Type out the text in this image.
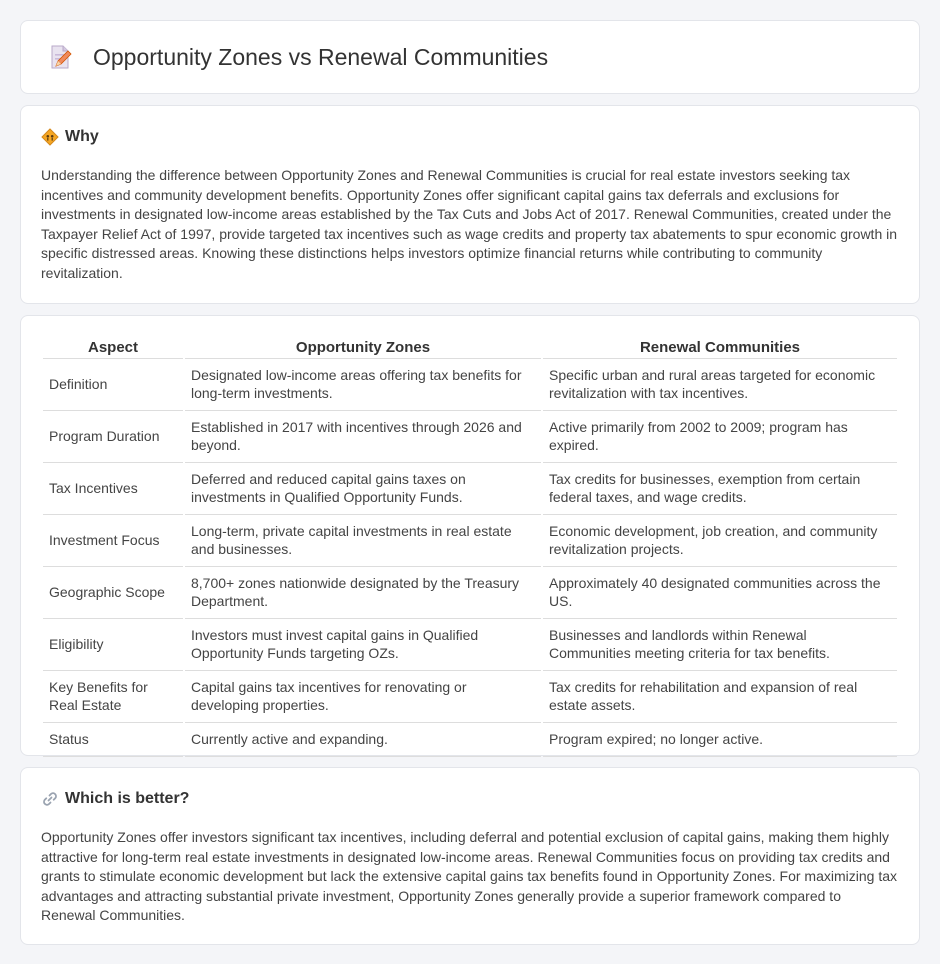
Opportunity Zones vs Renewal Communities
Why

Understanding the difference between Opportunity Zones and Renewal Communities is crucial for real estate investors seeking tax incentives and community development benefits. Opportunity Zones offer significant capital gains tax deferrals and exclusions for investments in designated low-income areas established by the Tax Cuts and Jobs Act of 2017. Renewal Communities, created under the Taxpayer Relief Act of 1997, provide targeted tax incentives such as wage credits and property tax abatements to spur economic growth in specific distressed areas. Knowing these distinctions helps investors optimize financial returns while contributing to community revitalization.

Aspect	Opportunity Zones	Renewal Communities
Definition	Designated low-income areas offering tax benefits for long-term investments.	Specific urban and rural areas targeted for economic revitalization with tax incentives.
Program Duration	Established in 2017 with incentives through 2026 and beyond.	Active primarily from 2002 to 2009; program has expired.
Tax Incentives	Deferred and reduced capital gains taxes on investments in Qualified Opportunity Funds.	Tax credits for businesses, exemption from certain federal taxes, and wage credits.
Investment Focus	Long-term, private capital investments in real estate and businesses.	Economic development, job creation, and community revitalization projects.
Geographic Scope	8,700+ zones nationwide designated by the Treasury Department.	Approximately 40 designated communities across the US.
Eligibility	Investors must invest capital gains in Qualified Opportunity Funds targeting OZs.	Businesses and landlords within Renewal Communities meeting criteria for tax benefits.
Key Benefits for Real Estate	Capital gains tax incentives for renovating or developing properties.	Tax credits for rehabilitation and expansion of real estate assets.
Status	Currently active and expanding.	Program expired; no longer active.
Which is better?

Opportunity Zones offer investors significant tax incentives, including deferral and potential exclusion of capital gains, making them highly attractive for long-term real estate investments in designated low-income areas. Renewal Communities focus on providing tax credits and grants to stimulate economic development but lack the extensive capital gains tax benefits found in Opportunity Zones. For maximizing tax advantages and attracting substantial private investment, Opportunity Zones generally provide a superior framework compared to Renewal Communities.
